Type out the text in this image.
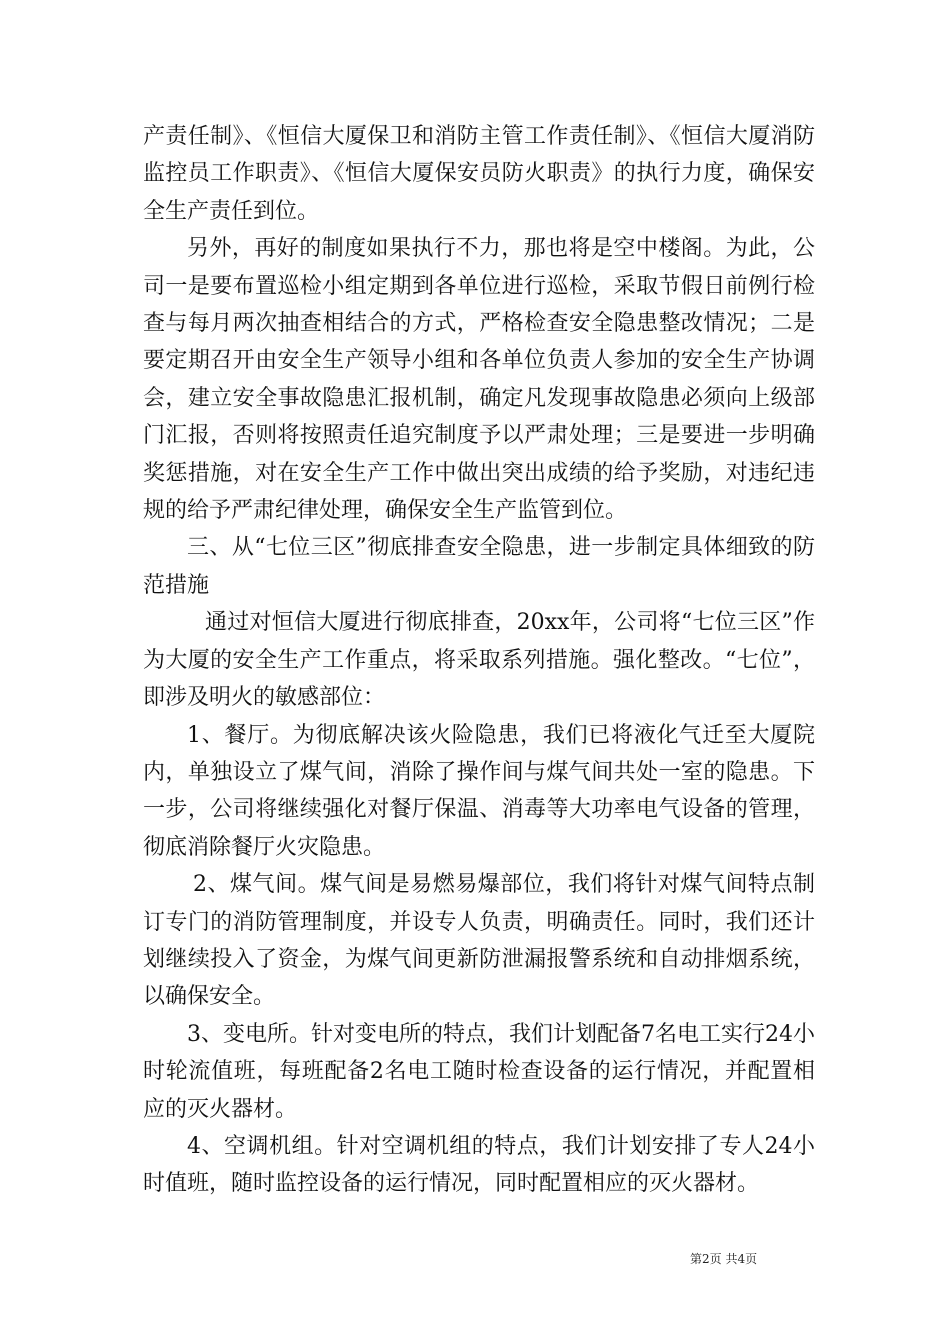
产责任制》、《恒信大厦保卫和消防主管工作责任制》、《恒信大厦消防监控员工作职责》、《恒信大厦保安员防火职责》的执行力度，确保安全生产责任到位。

另外，再好的制度如果执行不力，那也将是空中楼阁。为此，公司一是要布置巡检小组定期到各单位进行巡检，采取节假日前例行检查与每月两次抽查相结合的方式，严格检查安全隐患整改情况；二是要定期召开由安全生产领导小组和各单位负责人参加的安全生产协调会，建立安全事故隐患汇报机制，确定凡发现事故隐患必须向上级部门汇报，否则将按照责任追究制度予以严肃处理；三是要进一步明确奖惩措施，对在安全生产工作中做出突出成绩的给予奖励，对违纪违规的给予严肃纪律处理，确保安全生产监管到位。

三、从“七位三区”彻底排查安全隐患，进一步制定具体细致的防范措施

通过对恒信大厦进行彻底排查，20xx年，公司将“七位三区”作为大厦的安全生产工作重点，将采取系列措施。强化整改。“七位”，即涉及明火的敏感部位：

1、餐厅。为彻底解决该火险隐患，我们已将液化气迁至大厦院内，单独设立了煤气间，消除了操作间与煤气间共处一室的隐患。下一步，公司将继续强化对餐厅保温、消毒等大功率电气设备的管理，彻底消除餐厅火灾隐患。

2、煤气间。煤气间是易燃易爆部位，我们将针对煤气间特点制订专门的消防管理制度，并设专人负责，明确责任。同时，我们还计划继续投入了资金，为煤气间更新防泄漏报警系统和自动排烟系统，以确保安全。

3、变电所。针对变电所的特点，我们计划配备7名电工实行24小时轮流值班，每班配备2名电工随时检查设备的运行情况，并配置相应的灭火器材。

4、空调机组。针对空调机组的特点，我们计划安排了专人24小时值班，随时监控设备的运行情况，同时配置相应的灭火器材。

第2页 共4页
